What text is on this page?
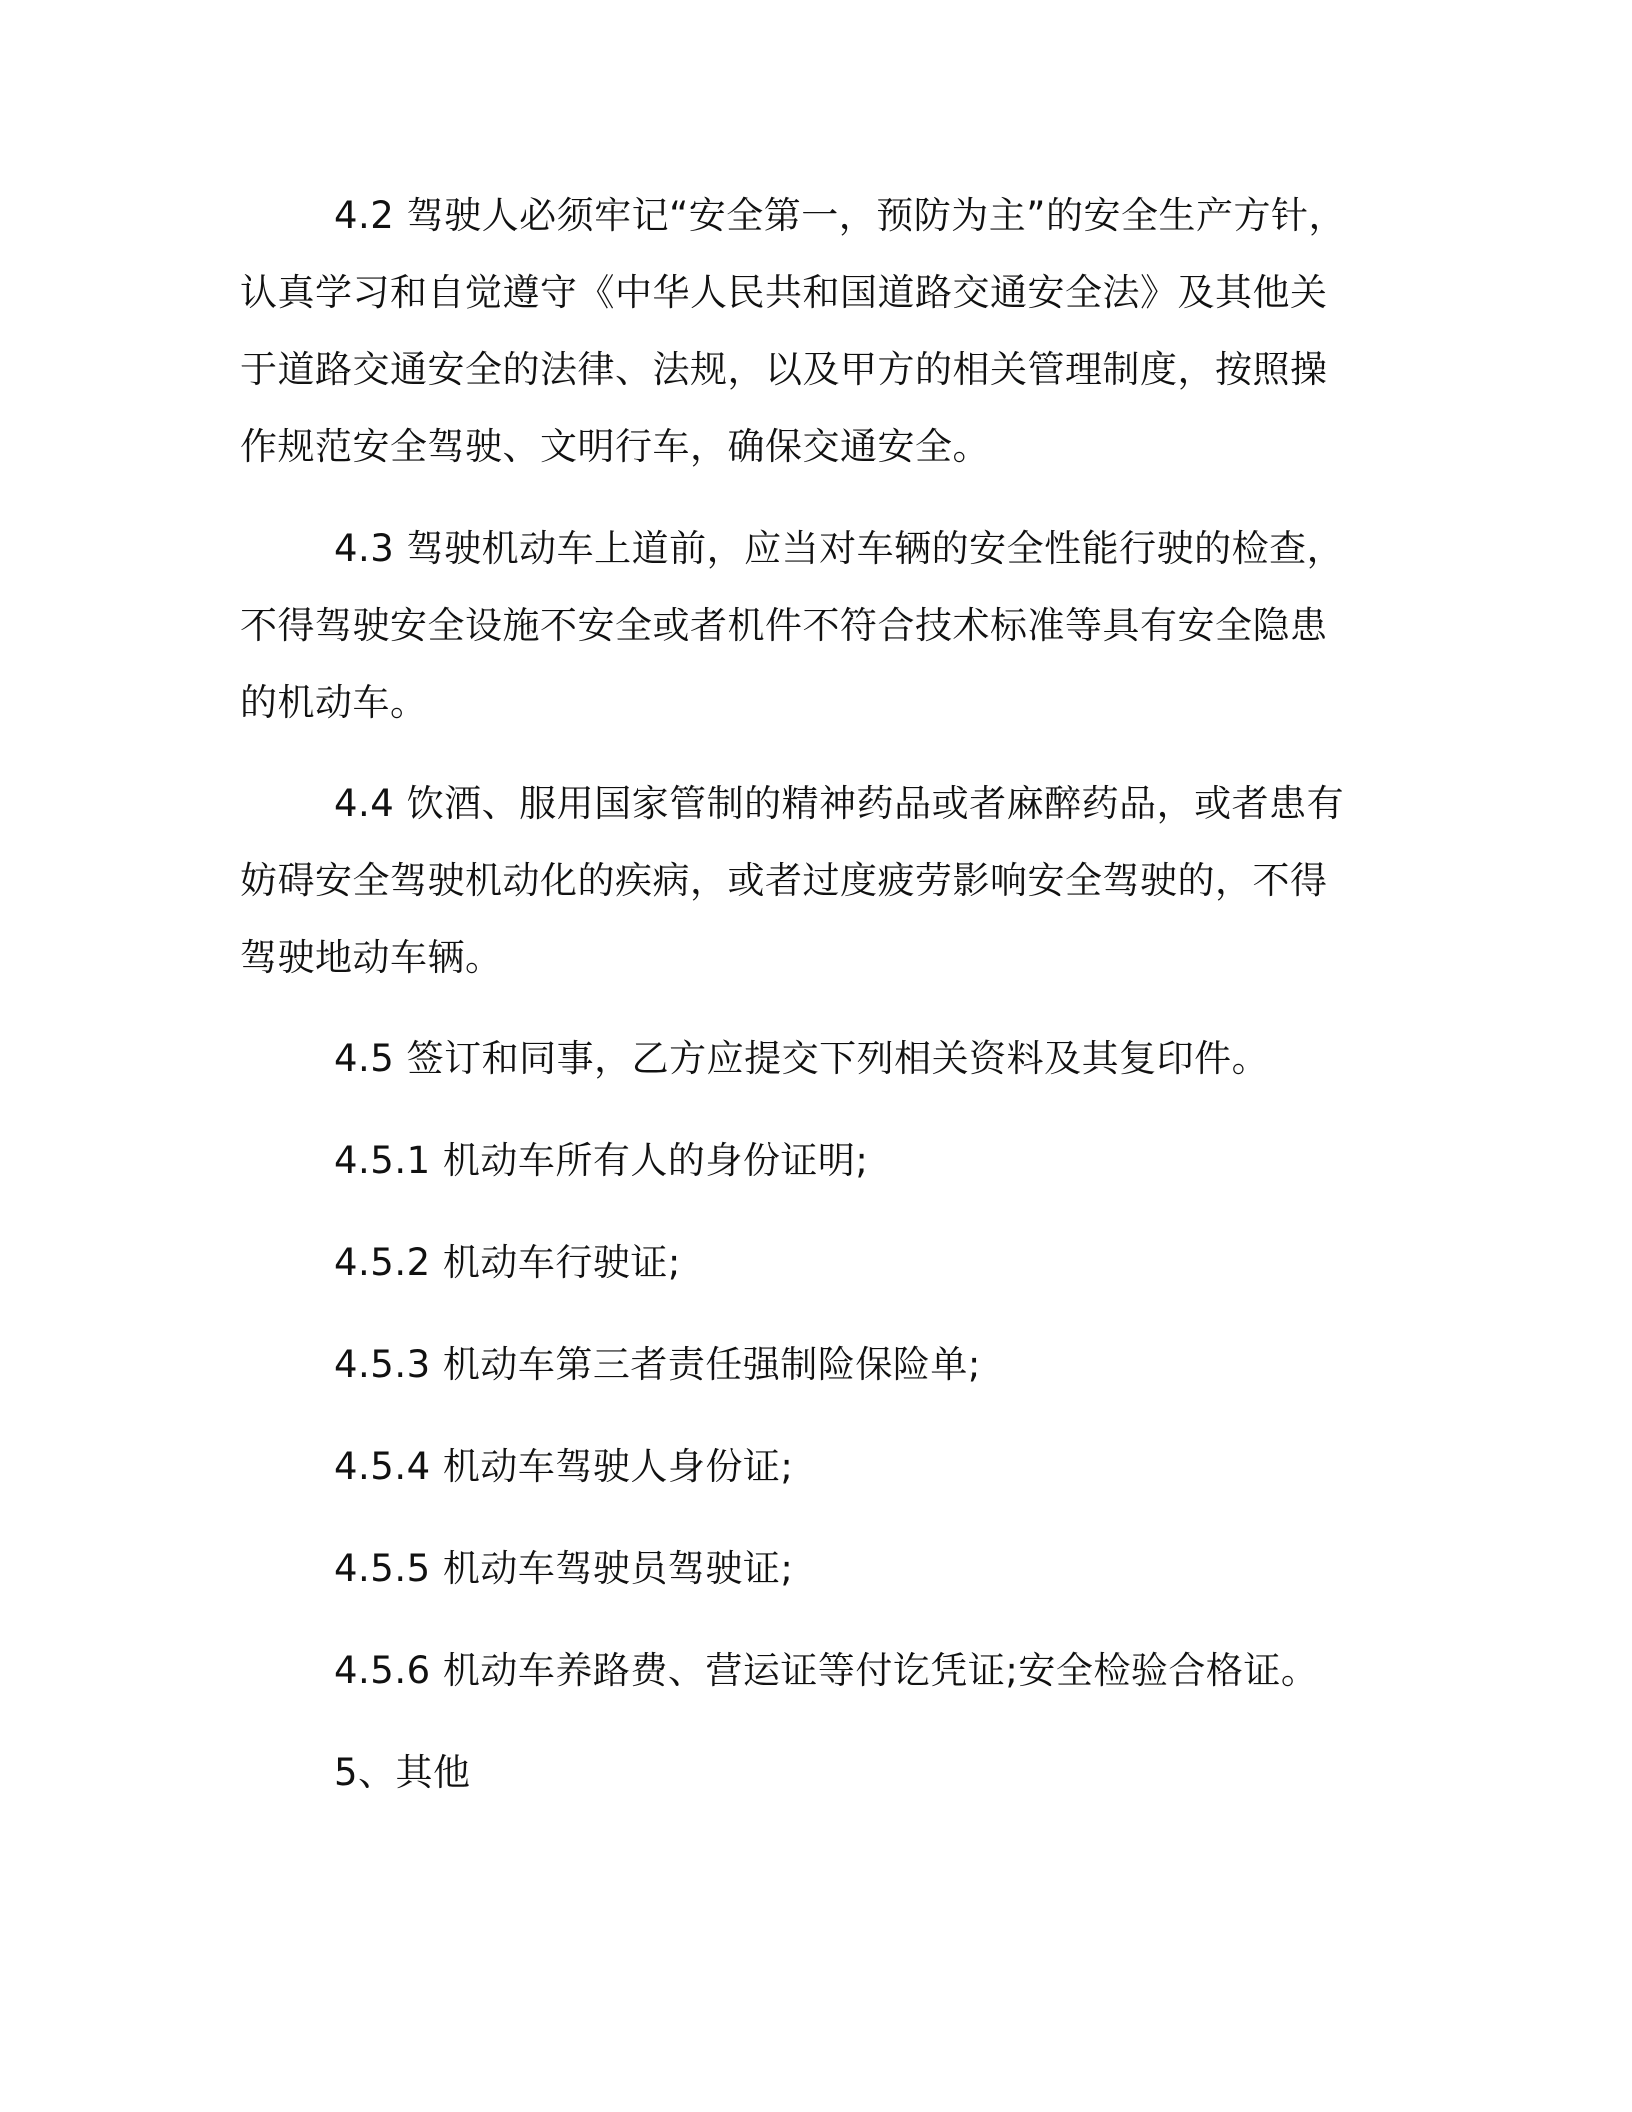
4.2 驾驶人必须牢记“安全第一，预防为主”的安全生产方针，认真学习和自觉遵守《中华人民共和国道路交通安全法》及其他关于道路交通安全的法律、法规，以及甲方的相关管理制度，按照操作规范安全驾驶、文明行车，确保交通安全。

4.3 驾驶机动车上道前，应当对车辆的安全性能行驶的检查，不得驾驶安全设施不安全或者机件不符合技术标准等具有安全隐患的机动车。

4.4 饮酒、服用国家管制的精神药品或者麻醉药品，或者患有妨碍安全驾驶机动化的疾病，或者过度疲劳影响安全驾驶的，不得驾驶地动车辆。

4.5 签订和同事，乙方应提交下列相关资料及其复印件。

4.5.1 机动车所有人的身份证明;

4.5.2 机动车行驶证;

4.5.3 机动车第三者责任强制险保险单;

4.5.4 机动车驾驶人身份证;

4.5.5 机动车驾驶员驾驶证;

4.5.6 机动车养路费、营运证等付讫凭证;安全检验合格证。

5、其他
